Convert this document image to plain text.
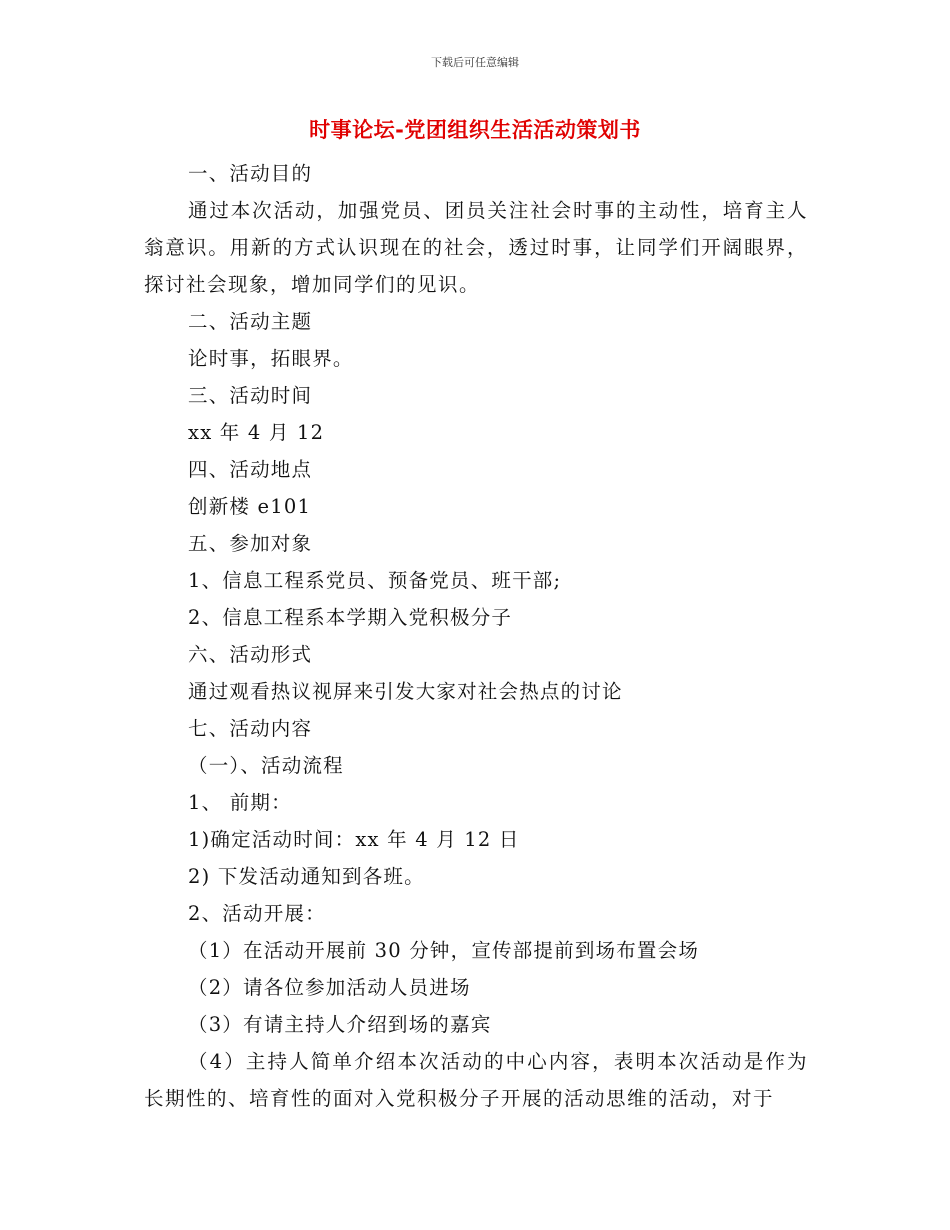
下载后可任意编辑
时事论坛-党团组织生活活动策划书
一、活动目的
通过本次活动，加强党员、团员关注社会时事的主动性，培育主人翁意识。用新的方式认识现在的社会，透过时事，让同学们开阔眼界，探讨社会现象，增加同学们的见识。
二、活动主题
论时事，拓眼界。
三、活动时间
xx 年 4 月 12
四、活动地点
创新楼 e101
五、参加对象
1、信息工程系党员、预备党员、班干部;
2、信息工程系本学期入党积极分子
六、活动形式
通过观看热议视屏来引发大家对社会热点的讨论
七、活动内容
（一）、活动流程
1、 前期：
1)确定活动时间：xx 年 4 月 12 日
2) 下发活动通知到各班。
2、活动开展：
（1）在活动开展前 30 分钟，宣传部提前到场布置会场
（2）请各位参加活动人员进场
（3）有请主持人介绍到场的嘉宾
（4）主持人简单介绍本次活动的中心内容，表明本次活动是作为长期性的、培育性的面对入党积极分子开展的活动思维的活动，对于
